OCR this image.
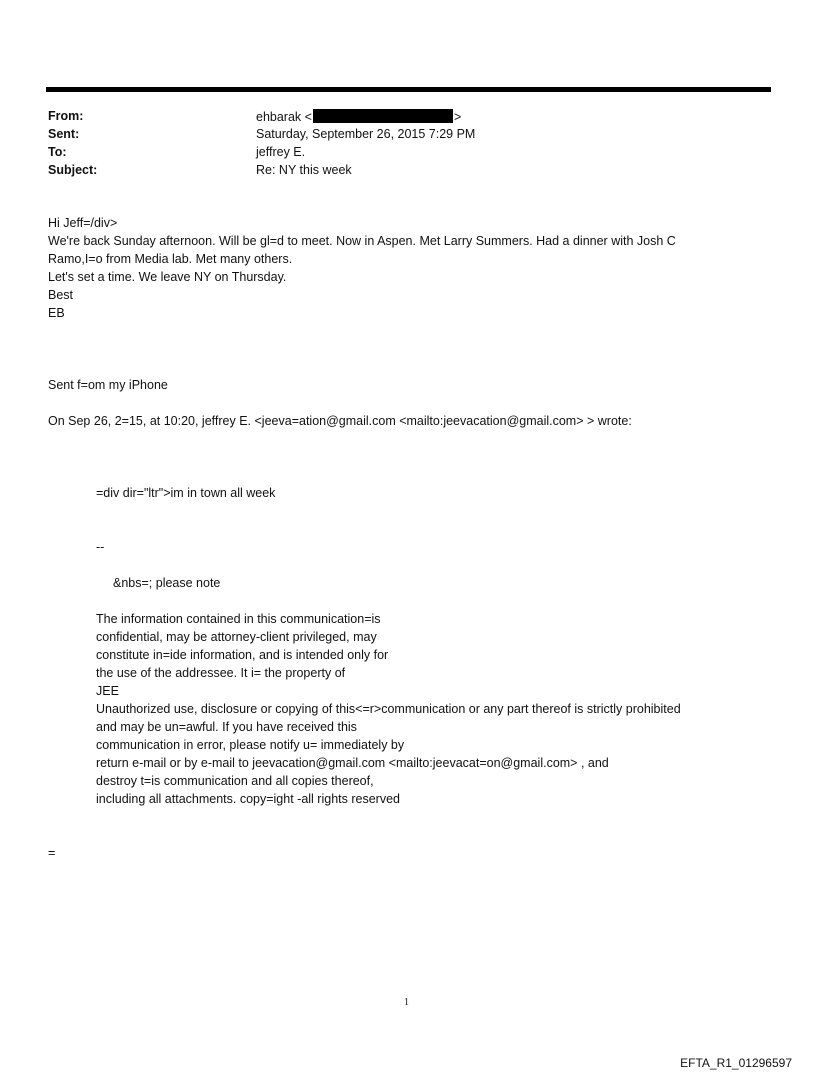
From:	ehbarak <	>
Sent:	Saturday, September 26, 2015 7:29 PM
To:	jeffrey E.
Subject:	Re: NY this week
Hi Jeff=/div>
We're back Sunday afternoon. Will be gl=d to meet. Now in Aspen. Met Larry Summers. Had a dinner with Josh C
Ramo,I=o from Media lab. Met many others.
Let's set a time. We leave NY on Thursday.
Best
EB
Sent f=om my iPhone
On Sep 26, 2=15, at 10:20, jeffrey E. <jeeva=ation@gmail.com <mailto:jeevacation@gmail.com> > wrote:
=div dir="ltr">im in town all week
--
&nbs=; please note
The information contained in this communication=is
confidential, may be attorney-client privileged, may
constitute in=ide information, and is intended only for
the use of the addressee. It i= the property of
JEE
Unauthorized use, disclosure or copying of this<=r>communication or any part thereof is strictly prohibited
and may be un=awful. If you have received this
communication in error, please notify u= immediately by
return e-mail or by e-mail to jeevacation@gmail.com <mailto:jeevacat=on@gmail.com> , and
destroy t=is communication and all copies thereof,
including all attachments. copy=ight -all rights reserved
=
1
EFTA_R1_01296597
